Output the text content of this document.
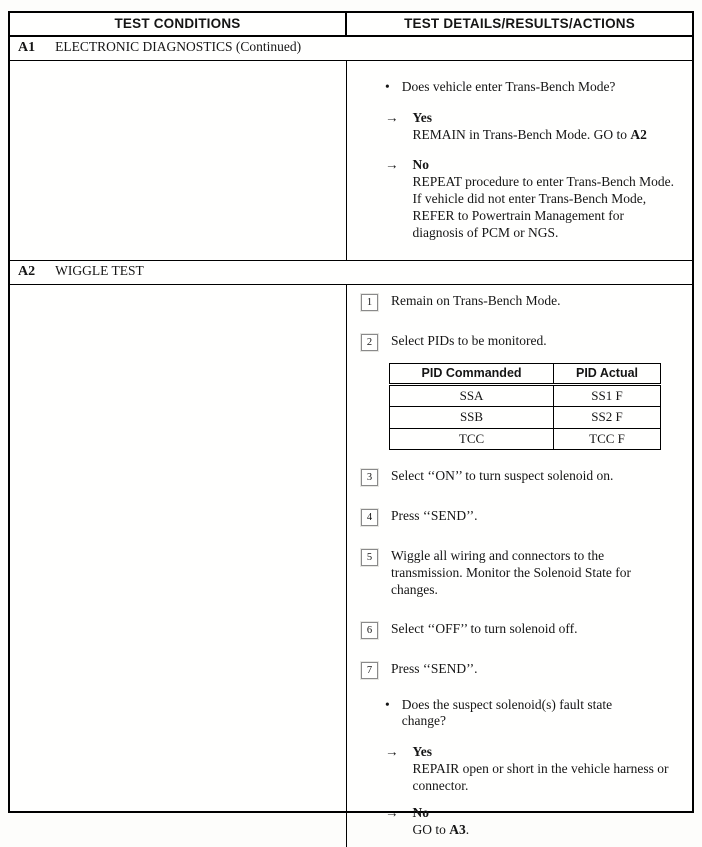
TEST CONDITIONS	TEST DETAILS/RESULTS/ACTIONS
A1 ELECTRONIC DIAGNOSTICS (Continued)
• Does vehicle enter Trans-Bench Mode?
→ Yes
REMAIN in Trans-Bench Mode. GO to A2
→ No
REPEAT procedure to enter Trans-Bench Mode. If vehicle did not enter Trans-Bench Mode, REFER to Powertrain Management for diagnosis of PCM or NGS.
A2 WIGGLE TEST
1	Remain on Trans-Bench Mode.
2	Select PIDs to be monitored.
PID Commanded	PID Actual
SSA	SS1 F
SSB	SS2 F
TCC	TCC F
3	Select ‘‘ON’’ to turn suspect solenoid on.
4	Press ‘‘SEND’’.
5	Wiggle all wiring and connectors to the transmission. Monitor the Solenoid State for changes.
6	Select ‘‘OFF’’ to turn solenoid off.
7	Press ‘‘SEND’’.
• Does the suspect solenoid(s) fault state change?
→ Yes
REPAIR open or short in the vehicle harness or connector.
→ No
GO to A3.
